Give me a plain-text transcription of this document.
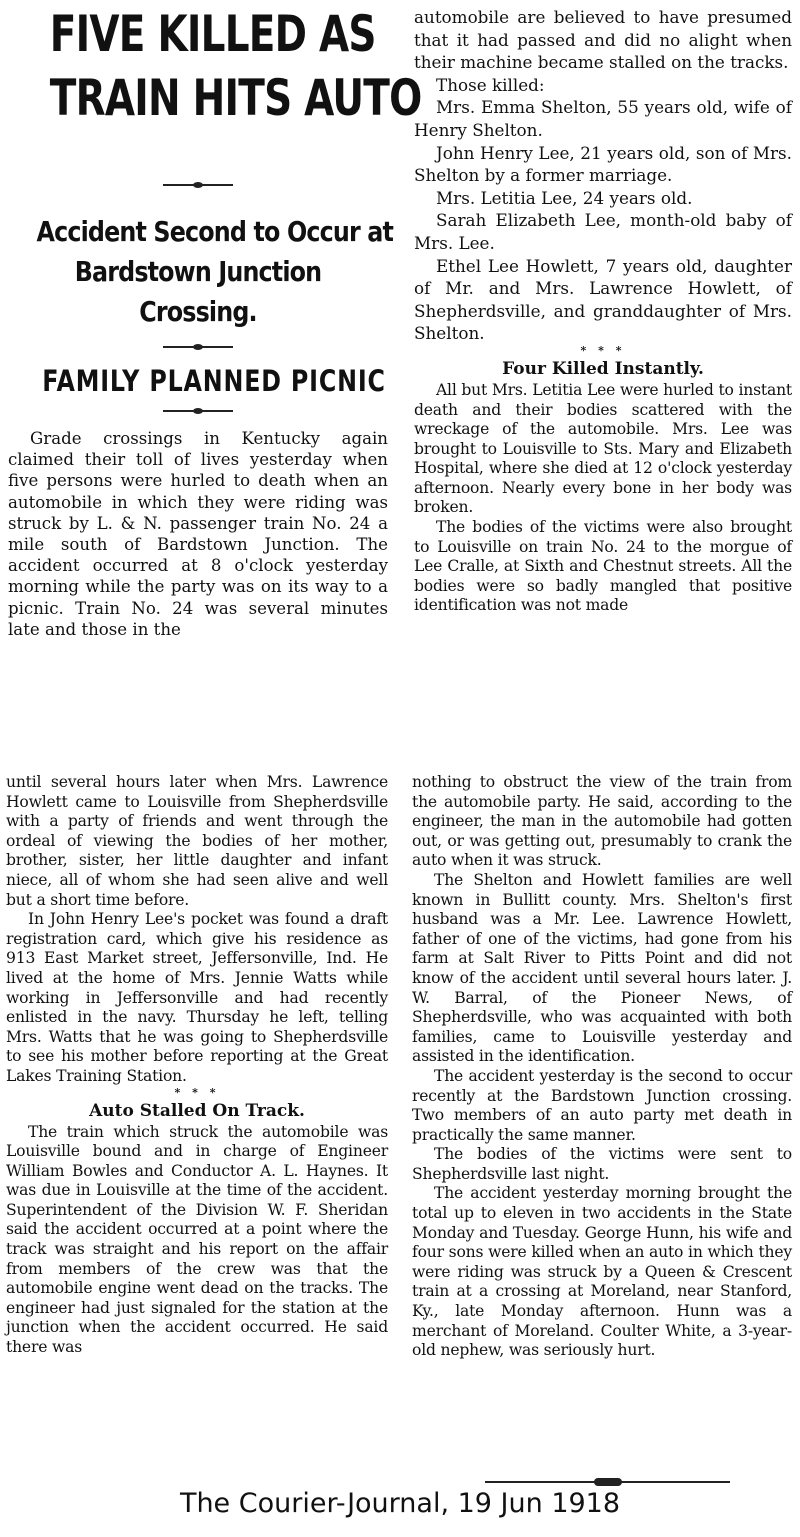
FIVE KILLED AS
TRAIN HITS AUTO
Accident Second to Occur at
Bardstown Junction
Crossing.
FAMILY PLANNED PICNIC

Grade crossings in Kentucky again claimed their toll of lives yesterday when five persons were hurled to death when an automobile in which they were riding was struck by L. & N. passenger train No. 24 a mile south of Bardstown Junction. The accident occurred at 8 o'clock yesterday morning while the party was on its way to a picnic. Train No. 24 was several minutes late and those in the

automobile are believed to have presumed that it had passed and did no alight when their machine became stalled on the tracks.

Those killed:

Mrs. Emma Shelton, 55 years old, wife of Henry Shelton.

John Henry Lee, 21 years old, son of Mrs. Shelton by a former marriage.

Mrs. Letitia Lee, 24 years old.

Sarah Elizabeth Lee, month-old baby of Mrs. Lee.

Ethel Lee Howlett, 7 years old, daughter of Mr. and Mrs. Lawrence Howlett, of Shepherdsville, and granddaughter of Mrs. Shelton.

* * *

Four Killed Instantly.

All but Mrs. Letitia Lee were hurled to instant death and their bodies scattered with the wreckage of the automobile. Mrs. Lee was brought to Louisville to Sts. Mary and Elizabeth Hospital, where she died at 12 o'clock yesterday afternoon. Nearly every bone in her body was broken.

The bodies of the victims were also brought to Louisville on train No. 24 to the morgue of Lee Cralle, at Sixth and Chestnut streets. All the bodies were so badly mangled that positive identification was not made

until several hours later when Mrs. Lawrence Howlett came to Louisville from Shepherdsville with a party of friends and went through the ordeal of viewing the bodies of her mother, brother, sister, her little daughter and infant niece, all of whom she had seen alive and well but a short time before.

In John Henry Lee's pocket was found a draft registration card, which give his residence as 913 East Market street, Jeffersonville, Ind. He lived at the home of Mrs. Jennie Watts while working in Jeffersonville and had recently enlisted in the navy. Thursday he left, telling Mrs. Watts that he was going to Shepherdsville to see his mother before reporting at the Great Lakes Training Station.

* * *

Auto Stalled On Track.

The train which struck the automobile was Louisville bound and in charge of Engineer William Bowles and Conductor A. L. Haynes. It was due in Louisville at the time of the accident. Superintendent of the Division W. F. Sheridan said the accident occurred at a point where the track was straight and his report on the affair from members of the crew was that the automobile engine went dead on the tracks. The engineer had just signaled for the station at the junction when the accident occurred. He said there was

nothing to obstruct the view of the train from the automobile party. He said, according to the engineer, the man in the automobile had gotten out, or was getting out, presumably to crank the auto when it was struck.

The Shelton and Howlett families are well known in Bullitt county. Mrs. Shelton's first husband was a Mr. Lee. Lawrence Howlett, father of one of the victims, had gone from his farm at Salt River to Pitts Point and did not know of the accident until several hours later. J. W. Barral, of the Pioneer News, of Shepherdsville, who was acquainted with both families, came to Louisville yesterday and assisted in the identification.

The accident yesterday is the second to occur recently at the Bardstown Junction crossing. Two members of an auto party met death in practically the same manner.

The bodies of the victims were sent to Shepherdsville last night.

The accident yesterday morning brought the total up to eleven in two accidents in the State Monday and Tuesday. George Hunn, his wife and four sons were killed when an auto in which they were riding was struck by a Queen & Crescent train at a crossing at Moreland, near Stanford, Ky., late Monday afternoon. Hunn was a merchant of Moreland. Coulter White, a 3-year-old nephew, was seriously hurt.

The Courier-Journal, 19 Jun 1918
